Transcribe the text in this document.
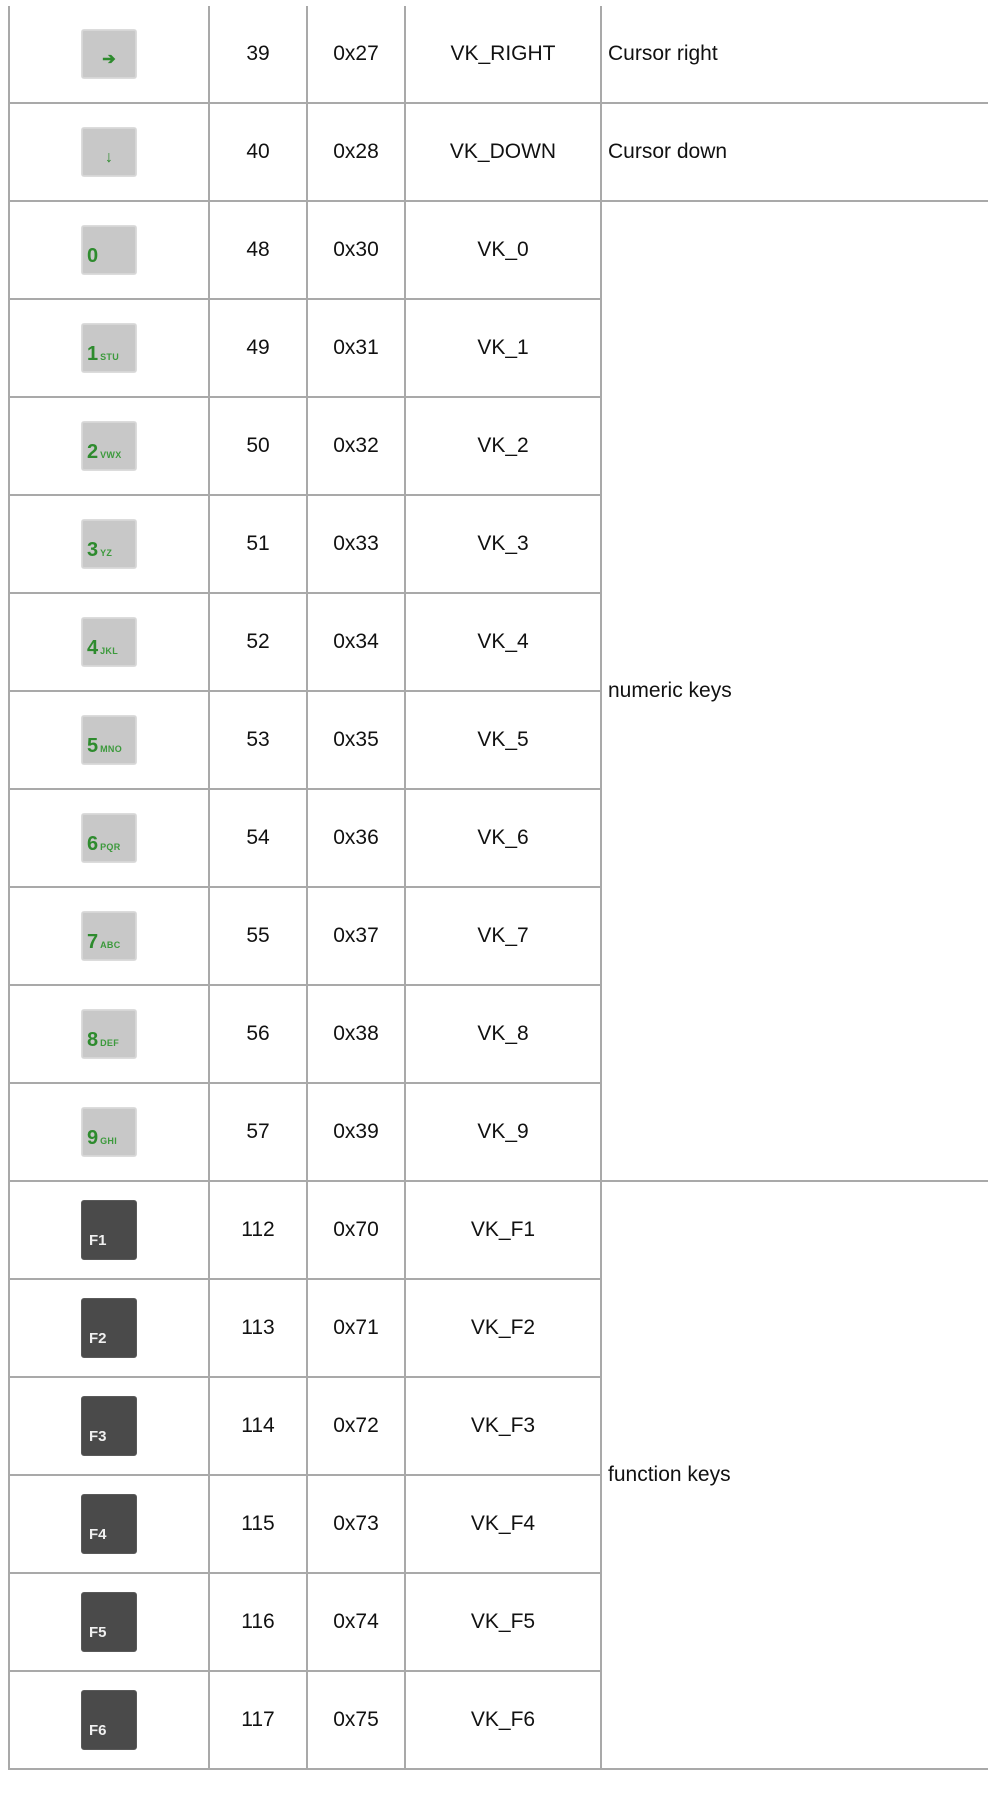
➔	39	0x27	VK_RIGHT	Cursor right

↓	40	0x28	VK_DOWN	Cursor down

0	48	0x30	VK_0	numeric keys

1 STU	49	0x31	VK_1	

2 VWX	50	0x32	VK_2	

3 YZ	51	0x33	VK_3	

4 JKL	52	0x34	VK_4	

5 MNO	53	0x35	VK_5	

6 PQR	54	0x36	VK_6	

7 ABC	55	0x37	VK_7	

8 DEF	56	0x38	VK_8	

9 GHI	57	0x39	VK_9	

F1	112	0x70	VK_F1	function keys

F2	113	0x71	VK_F2	

F3	114	0x72	VK_F3	

F4	115	0x73	VK_F4	

F5	116	0x74	VK_F5	

F6	117	0x75	VK_F6	
